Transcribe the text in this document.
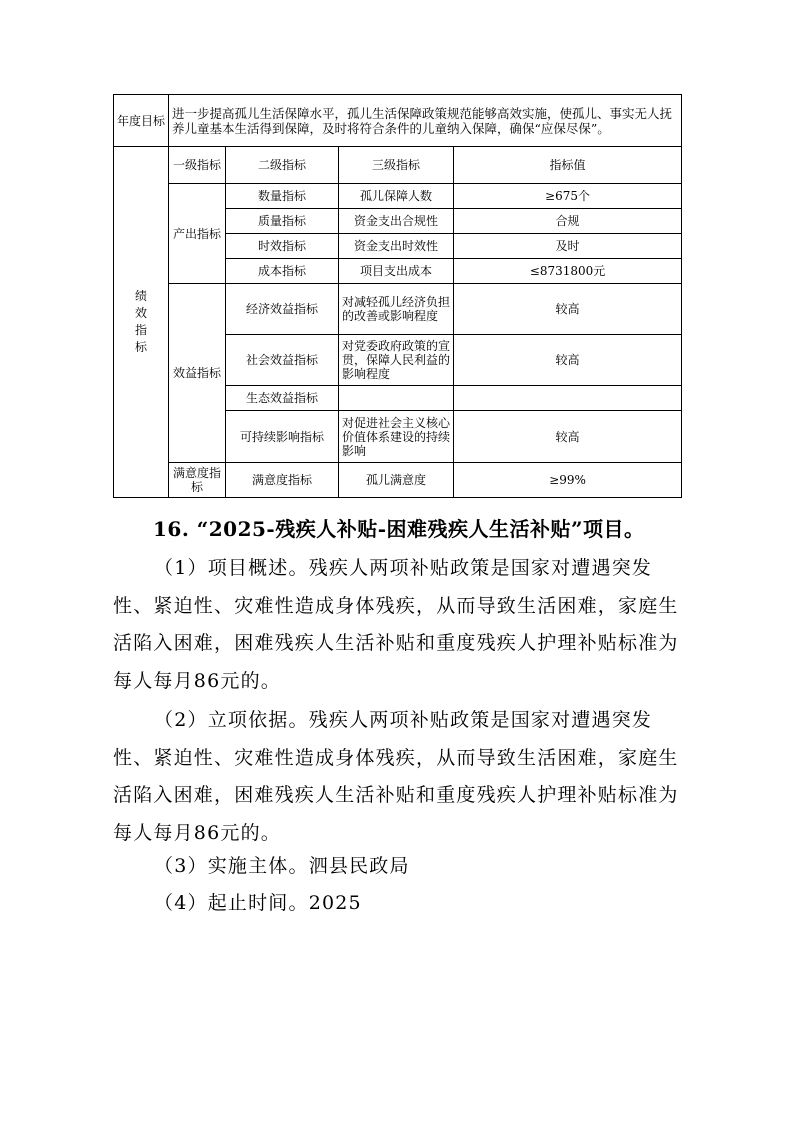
年度目标	进一步提高孤儿生活保障水平，孤儿生活保障政策规范能够高效实施，使孤儿、事实无人抚养儿童基本生活得到保障，及时将符合条件的儿童纳入保障，确保“应保尽保”。			
绩效指标	一级指标	二级指标	三级指标	指标值
	产出指标	数量指标	孤儿保障人数	≥675个
		质量指标	资金支出合规性	合规
		时效指标	资金支出时效性	及时
		成本指标	项目支出成本	≤8731800元
	效益指标	经济效益指标	对减轻孤儿经济负担的改善或影响程度	较高
		社会效益指标	对党委政府政策的宣贯，保障人民利益的影响程度	较高
		生态效益指标		
		可持续影响指标	对促进社会主义核心价值体系建设的持续影响	较高
	满意度指标	满意度指标	孤儿满意度	≥99%
16. “2025-残疾人补贴-困难残疾人生活补贴”项目。

（1）项目概述。残疾人两项补贴政策是国家对遭遇突发性、紧迫性、灾难性造成身体残疾，从而导致生活困难，家庭生活陷入困难，困难残疾人生活补贴和重度残疾人护理补贴标准为每人每月86元的。

（2）立项依据。残疾人两项补贴政策是国家对遭遇突发性、紧迫性、灾难性造成身体残疾，从而导致生活困难，家庭生活陷入困难，困难残疾人生活补贴和重度残疾人护理补贴标准为每人每月86元的。

（3）实施主体。泗县民政局
（4）起止时间。2025
